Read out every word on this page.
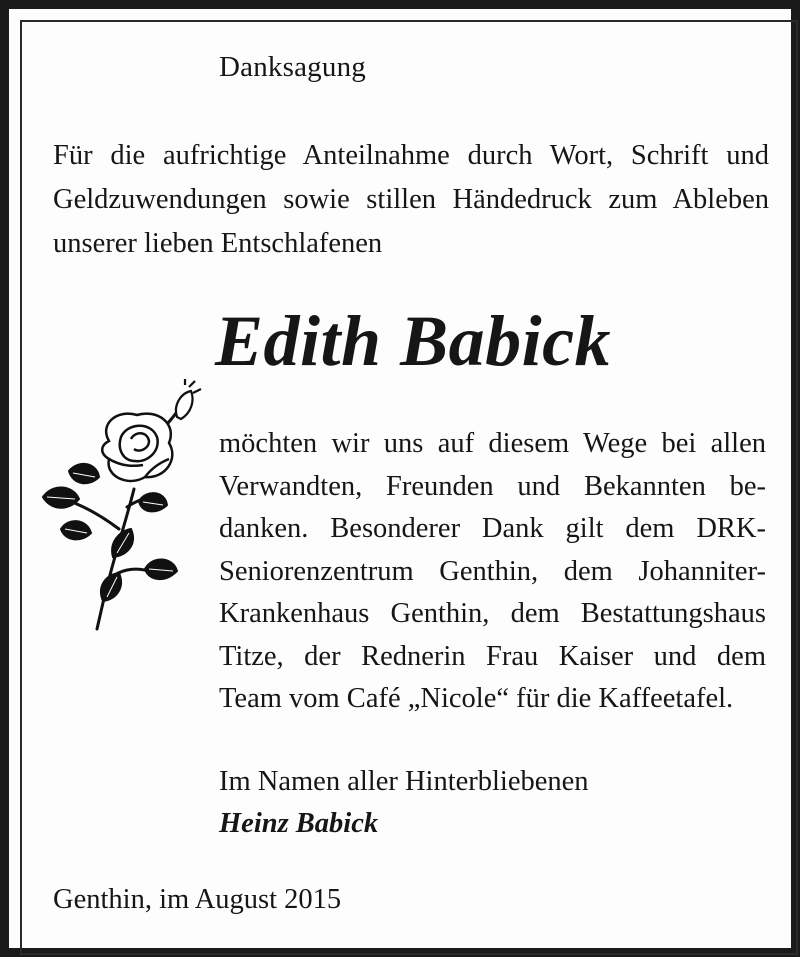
Danksagung
Für die aufrichtige Anteilnahme durch Wort, Schrift und
Geldzuwendungen sowie stillen Händedruck zum Ableben
unserer lieben Entschlafenen
Edith Babick
möchten wir uns auf diesem Wege bei allen
Verwandten, Freunden und Bekannten be-
danken. Besonderer Dank gilt dem DRK-
Seniorenzentrum Genthin, dem Johanniter-
Krankenhaus Genthin, dem Bestattungshaus
Titze, der Rednerin Frau Kaiser und dem
Team vom Café „Nicole“ für die Kaffeetafel.
Im Namen aller Hinterbliebenen
Heinz Babick
Genthin, im August 2015
